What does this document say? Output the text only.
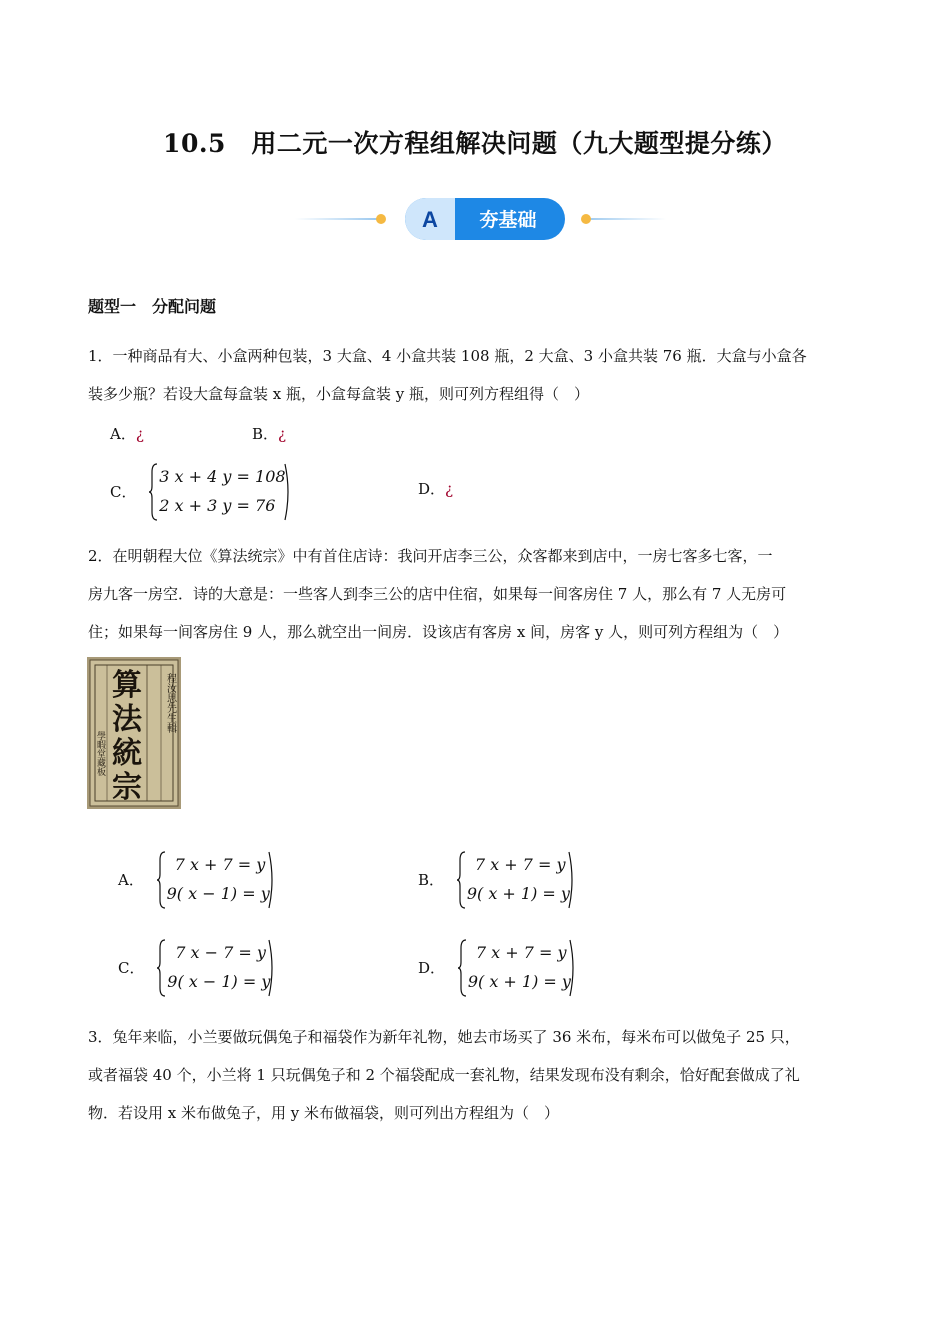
10.5　用二元一次方程组解决问题（九大题型提分练）
A 夯基础
题型一　分配问题
1．一种商品有大、小盒两种包装，3 大盒、4 小盒共装 108 瓶，2 大盒、3 小盒共装 76 瓶．大盒与小盒各
装多少瓶？若设大盒每盒装 x 瓶，小盒每盒装 y 瓶，则可列方程组得（　）
A．¿	B．¿
C．
3 x + 4 y = 108
2 x + 3 y = 76
D．¿
2．在明朝程大位《算法统宗》中有首住店诗：我问开店李三公，众客都来到店中，一房七客多七客，一
房九客一房空．诗的大意是：一些客人到李三公的店中住宿，如果每一间客房住 7 人，那么有 7 人无房可
住；如果每一间客房住 9 人，那么就空出一间房．设该店有客房 x 间，房客 y 人，则可列方程组为（　）
算
法
統
宗
程汝思先生輯
學暇堂藏板
A．
7 x + 7 = y
9( x − 1) = y
B．
7 x + 7 = y
9( x + 1) = y
C．
7 x − 7 = y
9( x − 1) = y
D．
7 x + 7 = y
9( x + 1) = y
3．兔年来临，小兰要做玩偶兔子和福袋作为新年礼物，她去市场买了 36 米布，每米布可以做兔子 25 只，
或者福袋 40 个，小兰将 1 只玩偶兔子和 2 个福袋配成一套礼物，结果发现布没有剩余，恰好配套做成了礼
物．若设用 x 米布做兔子，用 y 米布做福袋，则可列出方程组为（　）
